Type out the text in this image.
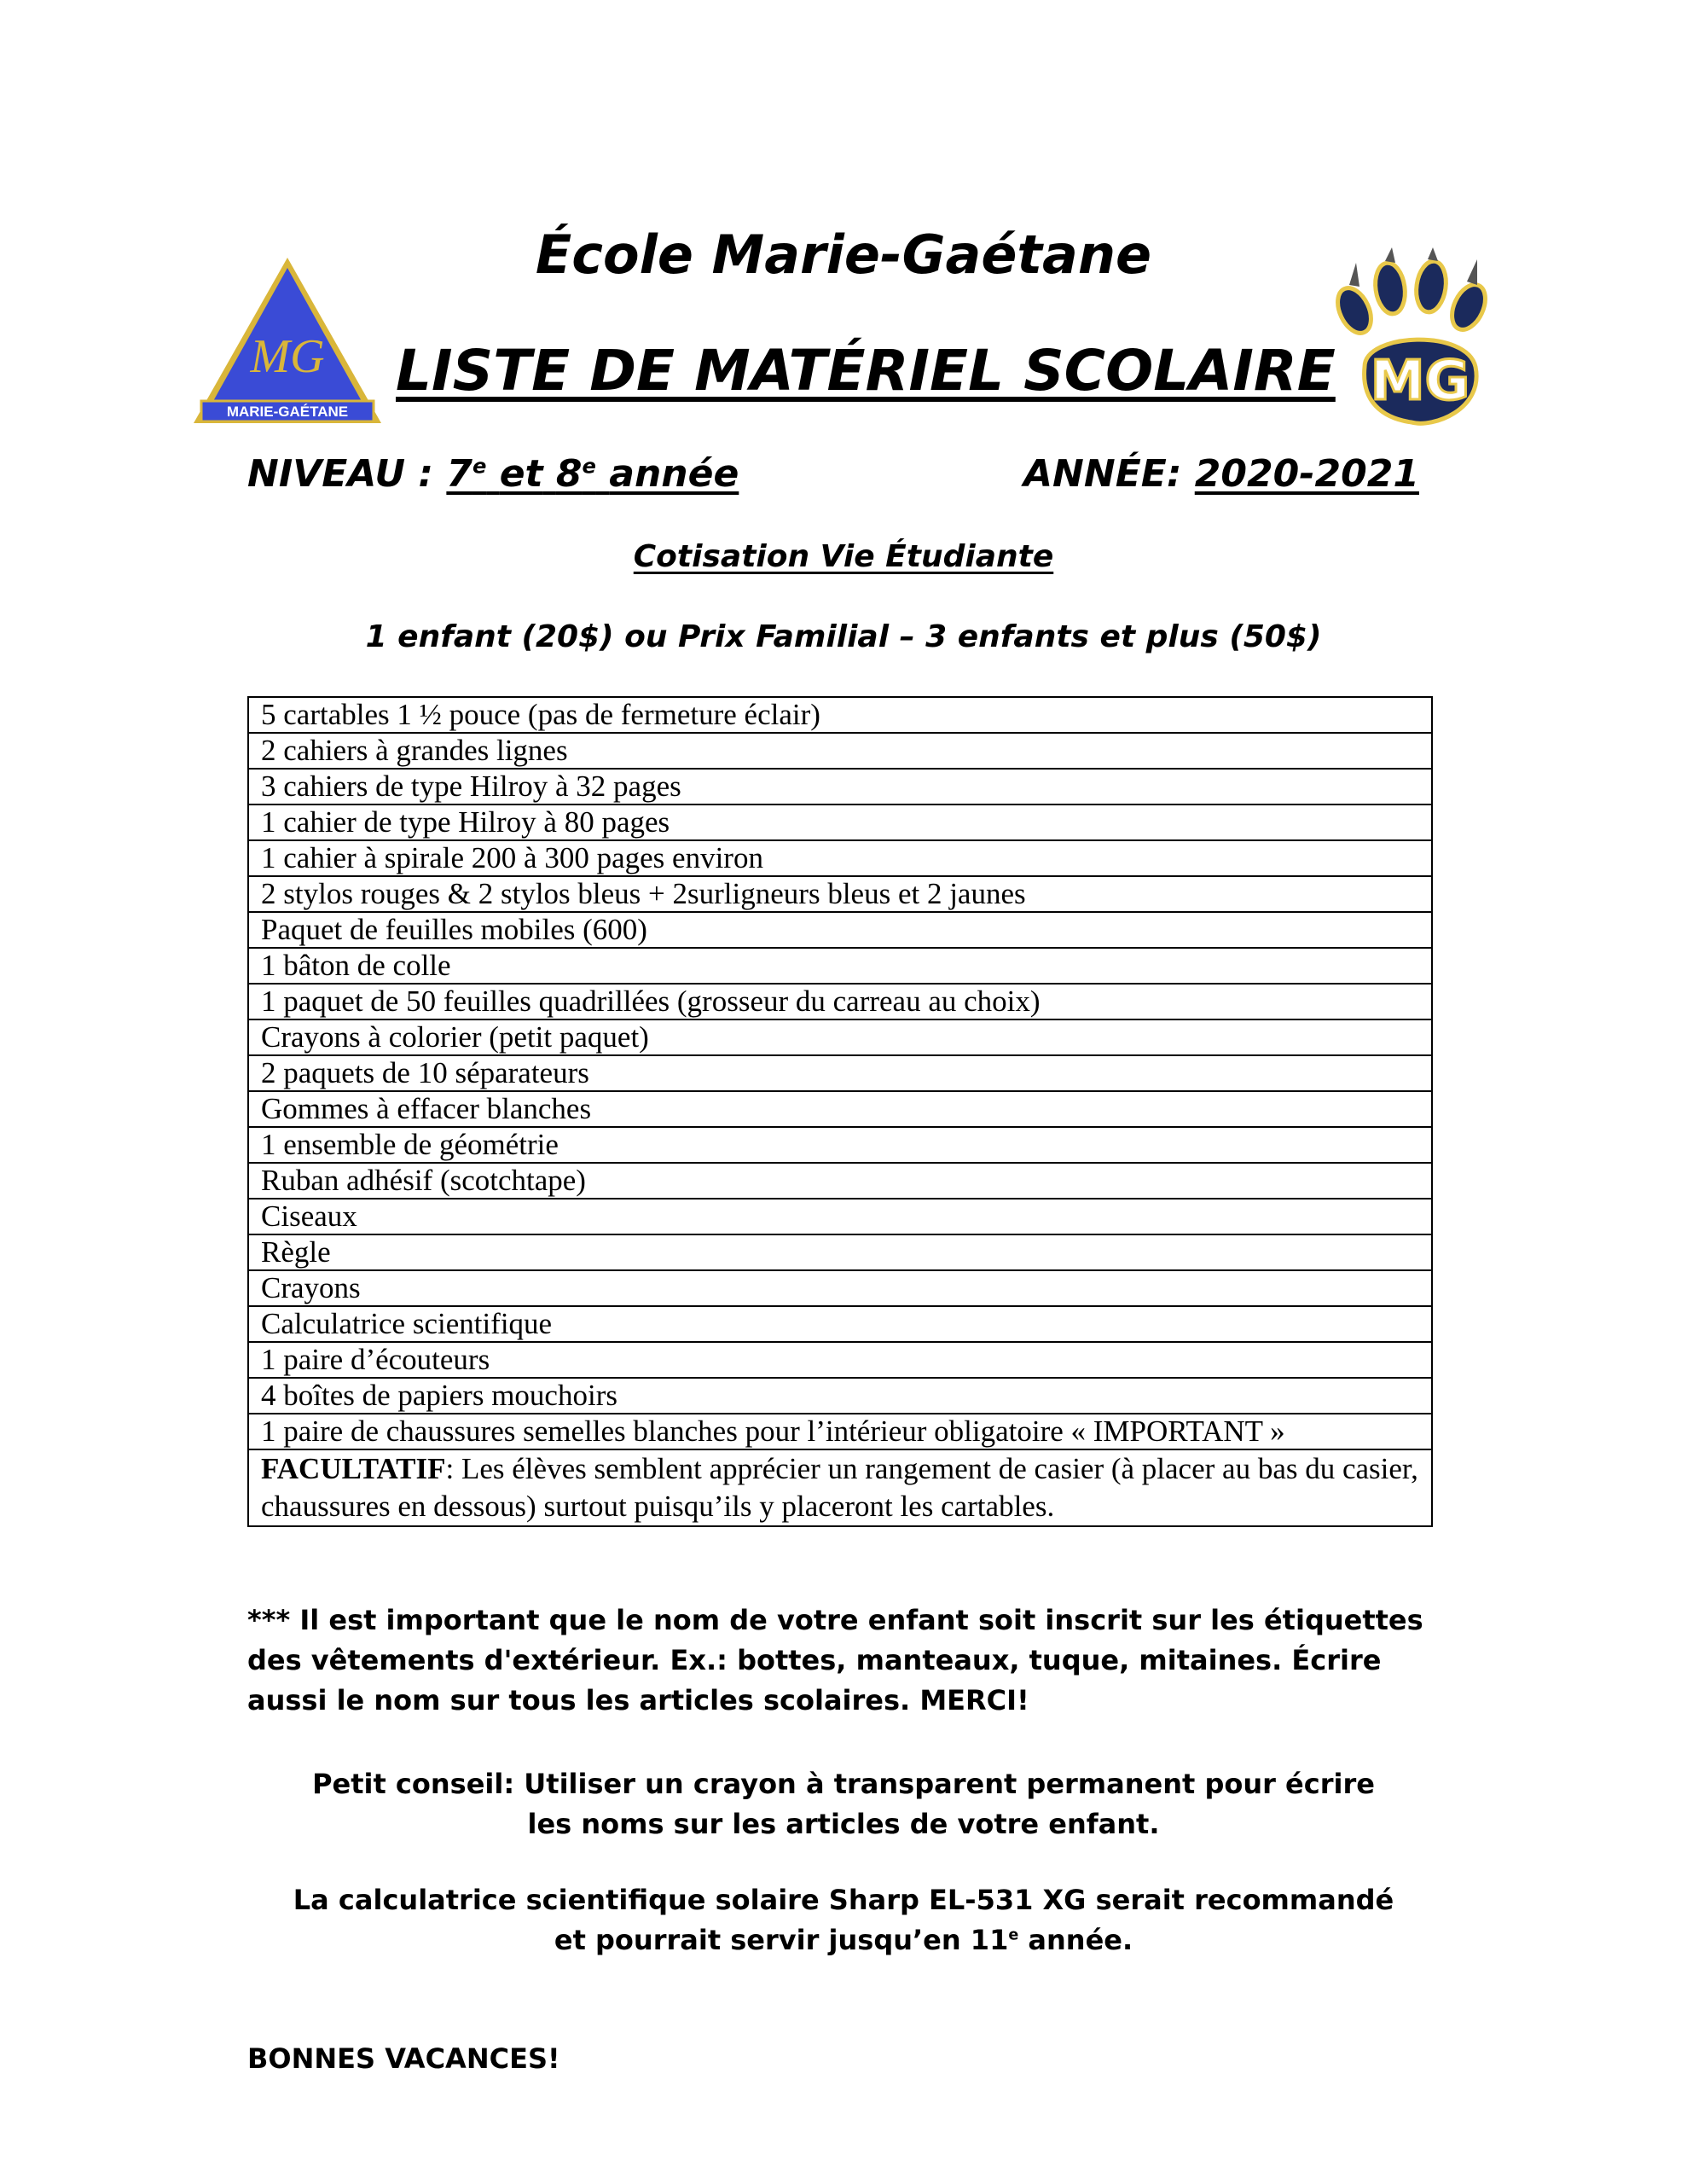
MG
MARIE-GAÉTANE	MG
École Marie-Gaétane
LISTE DE MATÉRIEL SCOLAIRE
NIVEAU : 7e et 8e année	ANNÉE: 2020-2021
Cotisation Vie Étudiante
1 enfant (20$) ou Prix Familial – 3 enfants et plus (50$)
5 cartables 1 ½ pouce (pas de fermeture éclair)
2 cahiers à grandes lignes
3 cahiers de type Hilroy à 32 pages
1 cahier de type Hilroy à 80 pages
1 cahier à spirale 200 à 300 pages environ
2 stylos rouges & 2 stylos bleus + 2surligneurs bleus et 2 jaunes
Paquet de feuilles mobiles (600)
1 bâton de colle
1 paquet de 50 feuilles quadrillées (grosseur du carreau au choix)
Crayons à colorier (petit paquet)
2 paquets de 10 séparateurs
Gommes à effacer blanches
1 ensemble de géométrie
Ruban adhésif (scotchtape)
Ciseaux
Règle
Crayons
Calculatrice scientifique
1 paire d’écouteurs
4 boîtes de papiers mouchoirs
1 paire de chaussures semelles blanches pour l’intérieur obligatoire « IMPORTANT »
FACULTATIF: Les élèves semblent apprécier un rangement de casier (à placer au bas du casier, chaussures en dessous) surtout puisqu’ils y placeront les cartables.
*** Il est important que le nom de votre enfant soit inscrit sur les étiquettes des vêtements d'extérieur. Ex.: bottes, manteaux, tuque, mitaines. Écrire aussi le nom sur tous les articles scolaires. MERCI!
Petit conseil: Utiliser un crayon à transparent permanent pour écrire
les noms sur les articles de votre enfant.
La calculatrice scientifique solaire Sharp EL-531 XG serait recommandé
et pourrait servir jusqu’en 11e année.
BONNES VACANCES!
